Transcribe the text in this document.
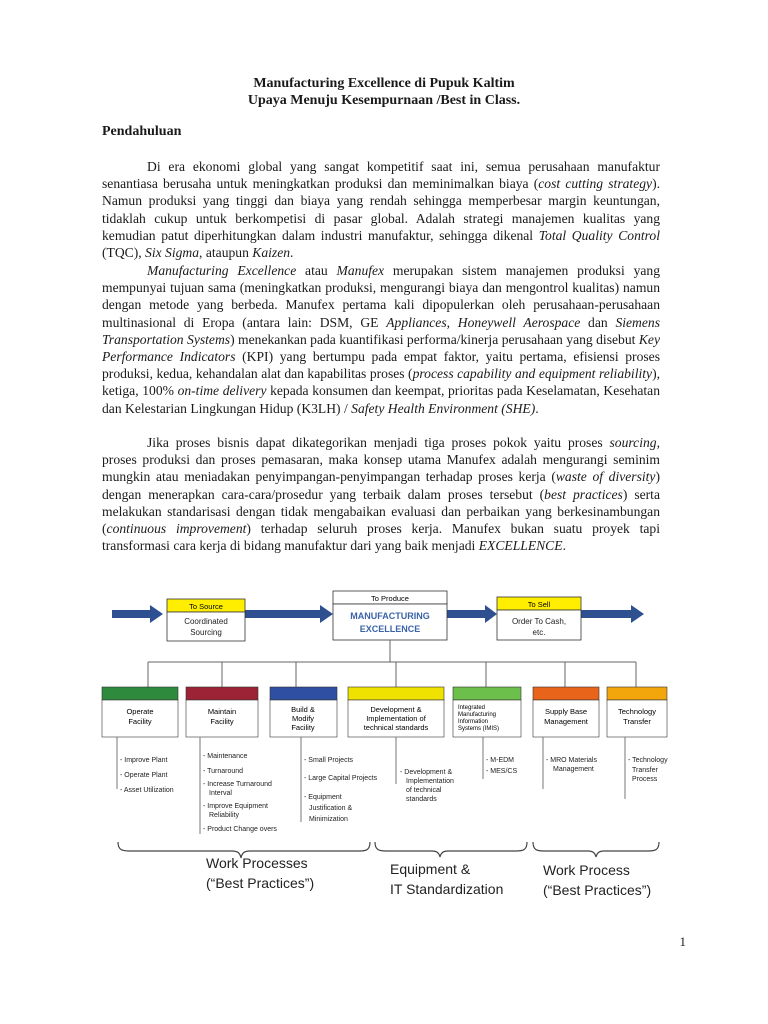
Manufacturing Excellence di Pupuk Kaltim
Upaya Menuju Kesempurnaan /Best in Class.
Pendahuluan

Di era ekonomi global yang sangat kompetitif saat ini, semua perusahaan manufaktur senantiasa berusaha untuk meningkatkan produksi dan meminimalkan biaya (cost cutting strategy). Namun produksi yang tinggi dan biaya yang rendah sehingga memperbesar margin keuntungan, tidaklah cukup untuk berkompetisi di pasar global. Adalah strategi manajemen kualitas yang kemudian patut diperhitungkan dalam industri manufaktur, sehingga dikenal Total Quality Control (TQC), Six Sigma, ataupun Kaizen.

Manufacturing Excellence atau Manufex merupakan sistem manajemen produksi yang mempunyai tujuan sama (meningkatkan produksi, mengurangi biaya dan mengontrol kualitas) namun dengan metode yang berbeda. Manufex pertama kali dipopulerkan oleh perusahaan-perusahaan multinasional di Eropa (antara lain: DSM, GE Appliances, Honeywell Aerospace dan Siemens Transportation Systems) menekankan pada kuantifikasi performa/kinerja perusahaan yang disebut Key Performance Indicators (KPI) yang bertumpu pada empat faktor, yaitu pertama, efisiensi proses produksi, kedua, kehandalan alat dan kapabilitas proses (process capability and equipment reliability), ketiga, 100% on-time delivery kepada konsumen dan keempat, prioritas pada Keselamatan, Kesehatan dan Kelestarian Lingkungan Hidup (K3LH) / Safety Health Environment (SHE).

Jika proses bisnis dapat dikategorikan menjadi tiga proses pokok yaitu proses sourcing, proses produksi dan proses pemasaran, maka konsep utama Manufex adalah mengurangi seminim mungkin atau meniadakan penyimpangan-penyimpangan terhadap proses kerja (waste of diversity) dengan menerapkan cara-cara/prosedur yang terbaik dalam proses tersebut (best practices) serta melakukan standarisasi dengan tidak mengabaikan evaluasi dan perbaikan yang berkesinambungan (continuous improvement) terhadap seluruh proses kerja. Manufex bukan suatu proyek tapi transformasi cara kerja di bidang manufaktur dari yang baik menjadi EXCELLENCE.

To Source
Coordinated
Sourcing
To Produce
MANUFACTURING
EXCELLENCE
To Sell
Order To Cash,
etc.
Operate Facility
Maintain Facility
Build & Modify Facility
Development & Implementation of technical standards
Integrated Manufacturing Information Systems (IMIS)
Supply Base Management
Technology Transfer
- Improve Plant
- Operate Plant
- Asset Utilization
- Maintenance
- Turnaround
- Increase Turnaround
Interval
- Improve Equipment
Reliability
- Product Change overs
- Small Projects
- Large Capital Projects
- Equipment
Justification &
Minimization
- Development &
Implementation
of technical
standards
- M-EDM
- MES/CS
- MRO Materials
Management
- Technology
Transfer
Process
Work Processes
(“Best Practices”)
Equipment &
IT Standardization
Work Process
(“Best Practices”)
1
